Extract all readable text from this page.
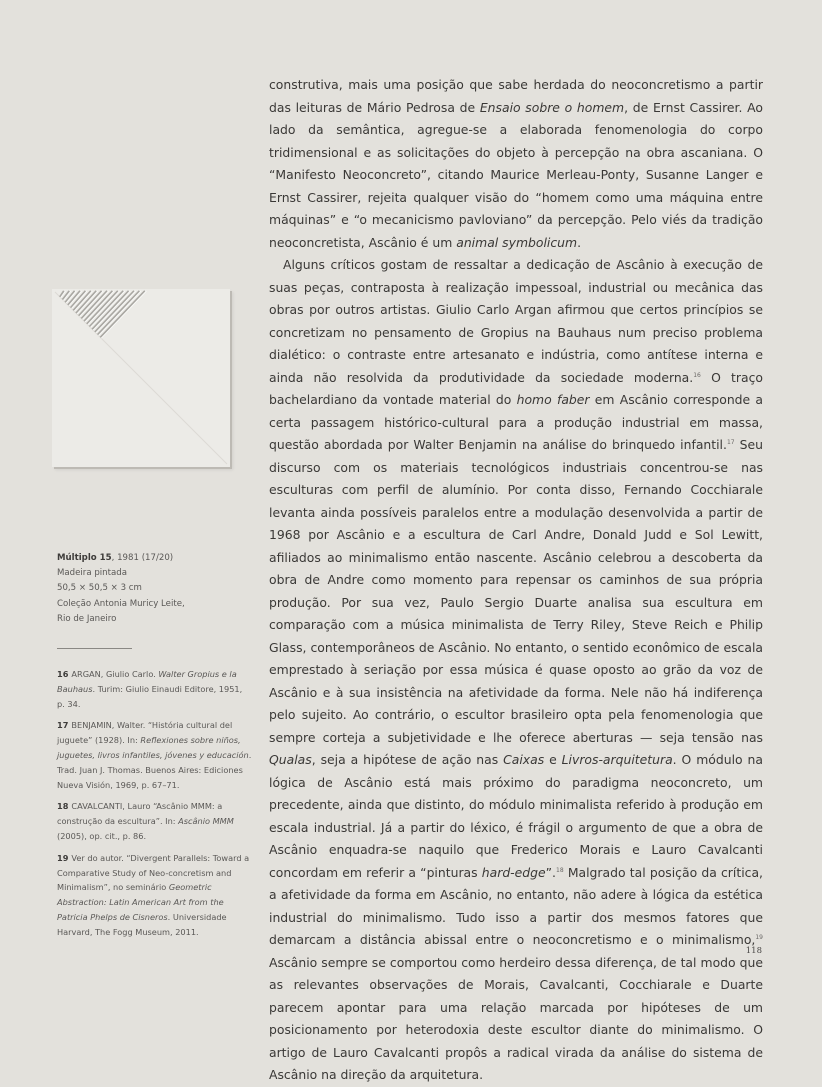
Múltiplo 15, 1981 (17/20)
Madeira pintada
50,5 × 50,5 × 3 cm
Coleção Antonia Muricy Leite,
Rio de Janeiro
16 ARGAN, Giulio Carlo. Walter Gropius e la Bauhaus. Turim: Giulio Einaudi Editore, 1951, p. 34.
17 BENJAMIN, Walter. “História cultural del juguete” (1928). In: Reflexiones sobre niños, juguetes, livros infantiles, jóvenes y educación. Trad. Juan J. Thomas. Buenos Aires: Ediciones Nueva Visión, 1969, p. 67–71.
18 CAVALCANTI, Lauro “Ascânio MMM: a construção da escultura”. In: Ascânio MMM (2005), op. cit., p. 86.
19 Ver do autor. “Divergent Parallels: Toward a Comparative Study of Neo-concretism and Minimalism”, no seminário Geometric Abstraction: Latin American Art from the Patricia Phelps de Cisneros. Universidade Harvard, The Fogg Museum, 2011.

construtiva, mais uma posição que sabe herdada do neoconcretismo a partir das leituras de Mário Pedrosa de Ensaio sobre o homem, de Ernst Cassirer. Ao lado da semântica, agregue-se a elaborada fenomenologia do corpo tridimensional e as solicitações do objeto à percepção na obra ascaniana. O “Manifesto Neoconcreto”, citando Maurice Merleau-Ponty, Susanne Langer e Ernst Cassirer, rejeita qualquer visão do “homem como uma máquina entre máquinas” e “o mecanicismo pavloviano” da percepção. Pelo viés da tradição neoconcretista, Ascânio é um animal symbolicum.

Alguns críticos gostam de ressaltar a dedicação de Ascânio à execução de suas peças, contraposta à realização impessoal, industrial ou mecânica das obras por outros artistas. Giulio Carlo Argan afirmou que certos princípios se concretizam no pensamento de Gropius na Bauhaus num preciso problema dialético: o contraste entre artesanato e indústria, como antítese interna e ainda não resolvida da produtividade da sociedade moderna.$^{16}$ O traço bachelardiano da vontade material do homo faber em Ascânio corresponde a certa passagem histórico-cultural para a produção industrial em massa, questão abordada por Walter Benjamin na análise do brinquedo infantil.$^{17}$ Seu discurso com os materiais tecnológicos industriais concentrou-se nas esculturas com perfil de alumínio. Por conta disso, Fernando Cocchiarale levanta ainda possíveis paralelos entre a modulação desenvolvida a partir de 1968 por Ascânio e a escultura de Carl Andre, Donald Judd e Sol Lewitt, afiliados ao minimalismo então nascente. Ascânio celebrou a descoberta da obra de Andre como momento para repensar os caminhos de sua própria produção. Por sua vez, Paulo Sergio Duarte analisa sua escultura em comparação com a música minimalista de Terry Riley, Steve Reich e Philip Glass, contemporâneos de Ascânio. No entanto, o sentido econômico de escala emprestado à seriação por essa música é quase oposto ao grão da voz de Ascânio e à sua insistência na afetividade da forma. Nele não há indiferença pelo sujeito. Ao contrário, o escultor brasileiro opta pela fenomenologia que sempre corteja a subjetividade e lhe oferece aberturas — seja tensão nas Qualas, seja a hipótese de ação nas Caixas e Livros-arquitetura. O módulo na lógica de Ascânio está mais próximo do paradigma neoconcreto, um precedente, ainda que distinto, do módulo minimalista referido à produção em escala industrial. Já a partir do léxico, é frágil o argumento de que a obra de Ascânio enquadra-se naquilo que Frederico Morais e Lauro Cavalcanti concordam em referir a “pinturas hard-edge”.$^{18}$ Malgrado tal posição da crítica, a afetividade da forma em Ascânio, no entanto, não adere à lógica da estética industrial do minimalismo. Tudo isso a partir dos mesmos fatores que demarcam a distância abissal entre o neoconcretismo e o minimalismo,$^{19}$ Ascânio sempre se comportou como herdeiro dessa diferença, de tal modo que as relevantes observações de Morais, Cavalcanti, Cocchiarale e Duarte parecem apontar para uma relação marcada por hipóteses de um posicionamento por heterodoxia deste escultor diante do minimalismo. O artigo de Lauro Cavalcanti propôs a radical virada da análise do sistema de Ascânio na direção da arquitetura.

118
